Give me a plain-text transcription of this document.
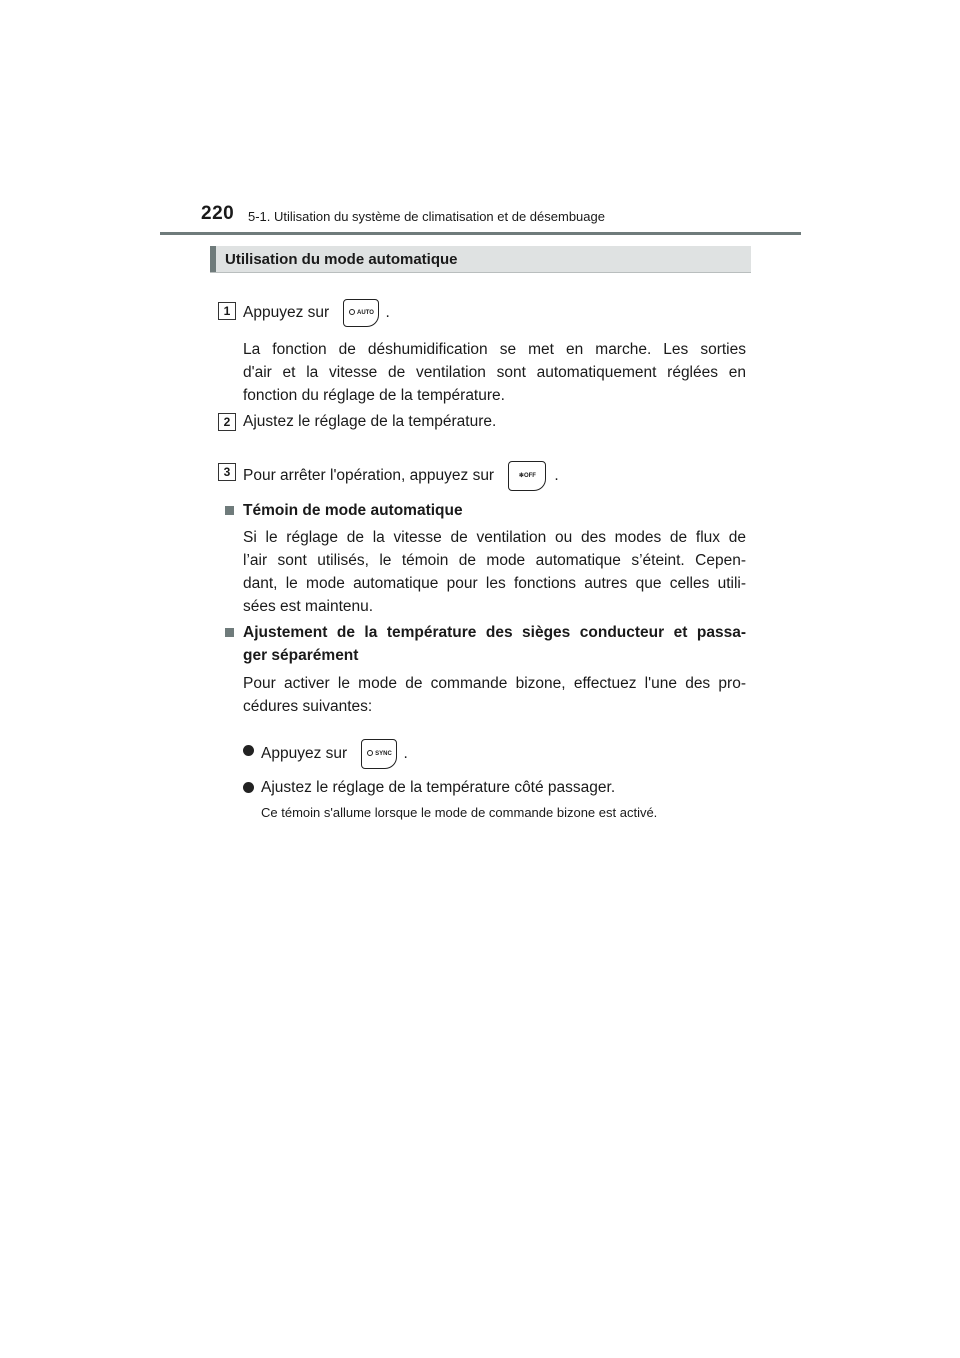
220 5-1. Utilisation du système de climatisation et de désembuage
Utilisation du mode automatique
1 Appuyez sur	AUTO .
La fonction de déshumidification se met en marche. Les sorties
d'air et la vitesse de ventilation sont automatiquement réglées en
fonction du réglage de la température.
2 Ajustez le réglage de la température.
3 Pour arrêter l'opération, appuyez sur	✻OFF .
Témoin de mode automatique
Si le réglage de la vitesse de ventilation ou des modes de flux de
l’air sont utilisés, le témoin de mode automatique s’éteint. Cepen-
dant, le mode automatique pour les fonctions autres que celles utili-
sées est maintenu.
Ajustement de la température des sièges conducteur et passa-
ger séparément
Pour activer le mode de commande bizone, effectuez l'une des pro-
cédures suivantes:
Appuyez sur	SYNC .
Ajustez le réglage de la température côté passager.
Ce témoin s'allume lorsque le mode de commande bizone est activé.
